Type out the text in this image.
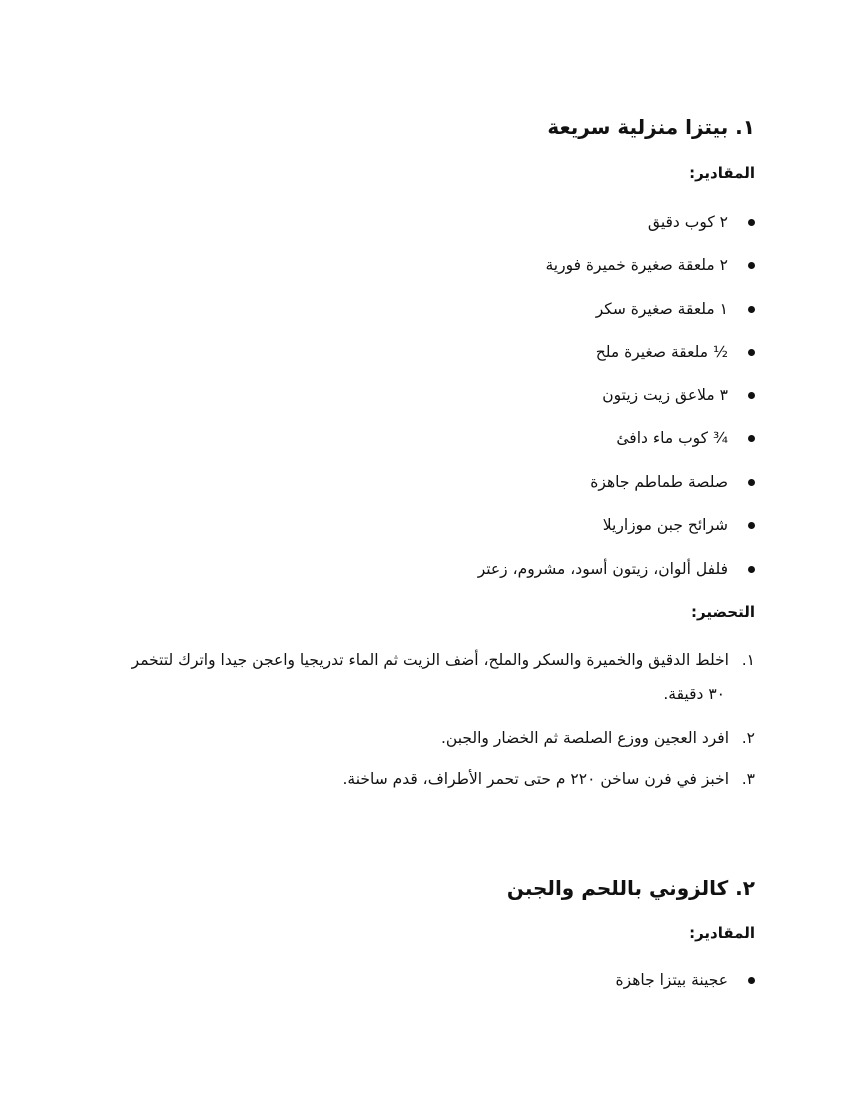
١. بيتزا منزلية سريعة
المقادير:
٢ كوب دقيق
٢ ملعقة صغيرة خميرة فورية
١ ملعقة صغيرة سكر
½ ملعقة صغيرة ملح
٣ ملاعق زيت زيتون
¾ كوب ماء دافئ
صلصة طماطم جاهزة
شرائح جبن موزاريلا
فلفل ألوان، زيتون أسود، مشروم، زعتر
التحضير:
١.اخلط الدقيق والخميرة والسكر والملح، أضف الزيت ثم الماء تدريجيا واعجن جيدا واترك لتتخمر
٣٠ دقيقة.
٢.افرد العجين ووزع الصلصة ثم الخضار والجبن.
٣.اخبز في فرن ساخن ٢٢٠ م حتى تحمر الأطراف، قدم ساخنة.
٢. كالزوني باللحم والجبن
المقادير:
عجينة بيتزا جاهزة
